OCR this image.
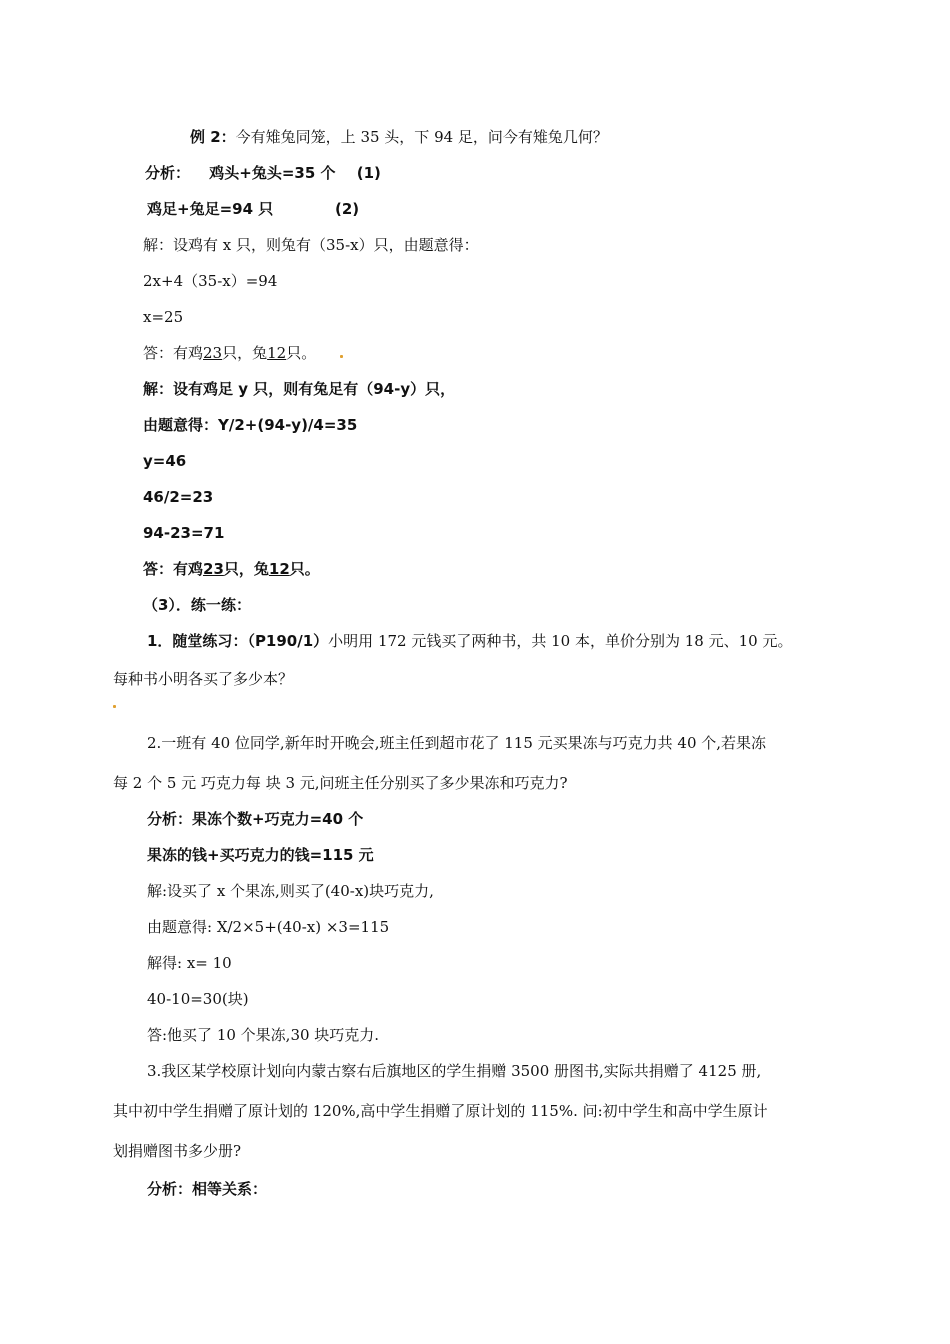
例 2：今有雉兔同笼，上 35 头，下 94 足，问今有雉兔几何？
分析： 鸡头+兔头=35 个 (1)
鸡足+兔足=94 只	(2)
解：设鸡有 x 只，则兔有（35-x）只，由题意得：
2x+4（35-x）=94
x=25
答：有鸡23只，兔12只。
解：设有鸡足 y 只，则有兔足有（94-y）只，
由题意得：Y/2+(94-y)/4=35
y=46
46/2=23
94-23=71
答：有鸡23只，兔12只。
（3）．练一练：
1．随堂练习：（P190/1）小明用 172 元钱买了两种书，共 10 本，单价分别为 18 元、10 元。
每种书小明各买了多少本？
2.一班有 40 位同学,新年时开晚会,班主任到超市花了 115 元买果冻与巧克力共 40 个,若果冻
每 2 个 5 元 巧克力每 块 3 元,问班主任分别买了多少果冻和巧克力?
分析：果冻个数+巧克力=40 个
果冻的钱+买巧克力的钱=115 元
解:设买了 x 个果冻,则买了(40-x)块巧克力,
由题意得: X/2×5+(40-x) ×3=115
解得: x= 10
40-10=30(块)
答:他买了 10 个果冻,30 块巧克力.
3.我区某学校原计划向内蒙古察右后旗地区的学生捐赠 3500 册图书,实际共捐赠了 4125 册,
其中初中学生捐赠了原计划的 120%,高中学生捐赠了原计划的 115%. 问:初中学生和高中学生原计
划捐赠图书多少册?
分析：相等关系：
